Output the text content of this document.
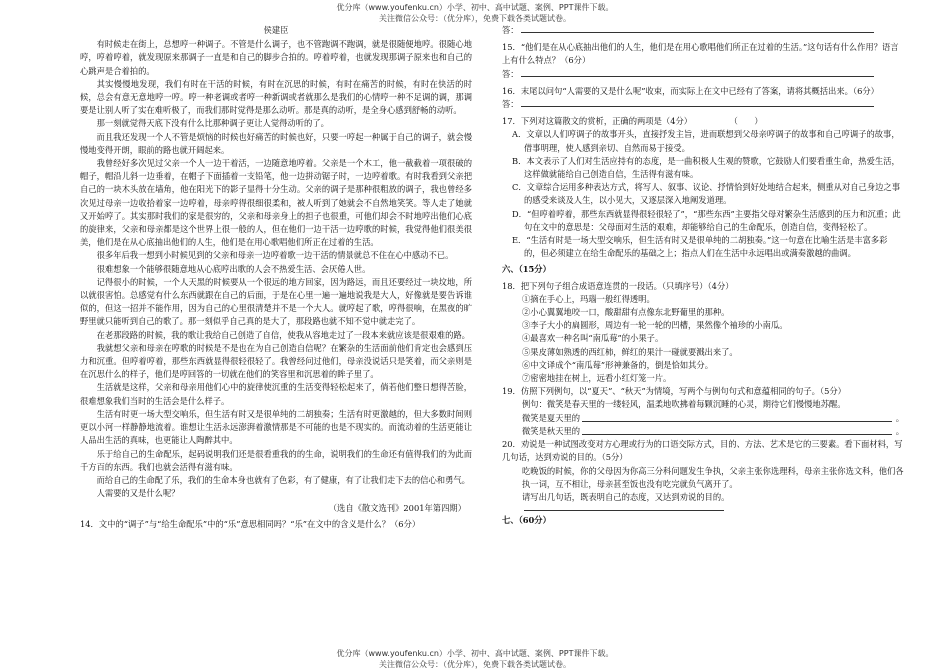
优分库（www.youfenku.cn）小学、初中、高中试题、案例、PPT课件下载。
关注微信公众号：（优分库），免费下载各类试题试卷。
侯建臣
有时候走在街上，总想哼一种调子。不管是什么调子，也不管跑调不跑调，就是很随便地哼。很随心地哼，哼着哼着，就发现原来那调子一直是和自己的脚步合拍的。哼着哼着，也就发现那调子原来也和自己的心跳声是合着拍的。
其实慢慢地发现，我们有时在干活的时候，有时在沉思的时候，有时在痛苦的时候，有时在快活的时候，总会有意无意地哼一哼。哼一种老调或者哼一种新调或者就那么是我们的心情哼一种不足调的调，那调要是让别人听了实在难听极了，而我们那时觉得是那么动听。那是真的动听，是全身心感到舒畅的动听。
那一刻就觉得天底下没有什么比那种调子更让人觉得动听的了。
而且我还发现一个人不管是烦恼的时候也好痛苦的时候也好，只要一哼起一种属于自己的调子，就会慢慢地变得开朗，眼前的路也就开阔起来。
我曾经好多次见过父亲一个人一边干着活，一边随意地哼着。父亲是一个木工，他一截截着一项很破的帽子，帽沿儿斜一边垂着，在帽子下面插着一支铅笔，他一边拼动锯子时，一边哼着歌。有时我看到父亲把自己的一块木头放在墙角，他在阳光下的影子显得十分生动。父亲的调子是那种很粗放的调子，我也曾经多次见过母亲一边收拾着家一边哼着，母亲哼得很细很柔和，被人听到了她就会不自然地笑笑。等人走了她就又开始哼了。其实那时我们的家是很穷的，父亲和母亲身上的担子也很重，可他们却会不时地哼出他们心底的旋律来，父亲和母亲都是这个世界上很一般的人，但在他们一边干活一边哼歌的时候，我觉得他们很美很美，他们是在从心底抽出他们的人生，他们是在用心歌唱他们所正在过着的生活。
很多年后我一想到小时候见到的父亲和母亲一边哼着歌一边干活的情景就总不住在心中感动不已。
很难想象一个能够很随意地从心底哼出歌的人会不热爱生活、会厌倦人世。
记得很小的时候，一个人天黑的时候要从一个很远的地方回家，因为路远，而且还要经过一块坟地，所以就很害怕。总感觉有什么东西就跟在自己的后面，于是在心里一遍一遍地说我是大人，好像就是要告诉谁似的，但这一招并不能作用，因为自己的心里很清楚并不是一个大人。就哼起了歌，哼得很响，在黑夜的旷野里就只能听到自己的歌了。那一刻似乎自己真的是大了，那段路也就不知不觉中就走完了。
在老那段路的时候，我的歌让我给自己创造了自信，使我从容地走过了一段本来就应该是很艰难的路。
我就想父亲和母亲在哼歌的时候是不是也在为自己创造自信呢？在繁杂的生活面前他们肯定也会感到压力和沉重。但哼着哼着，那些东西就显得很轻很轻了。我曾经问过他们，母亲没说话只是笑着，而父亲则是在沉思什么的样子，他们是哼回答的一切就在他们的笑容里和沉思着的眸子里了。
生活就是这样，父亲和母亲用他们心中的旋律使沉重的生活变得轻松起来了，倘若他们整日想得苦脸，很难想象我们当时的生活会是什么样子。
生活有时更一场大型交响乐，但生活有时又是很单纯的二胡独奏；生活有时更激越的，但大多数时间则更以小河一样静静地流着。谁想让生活永远澎湃着激情那是不可能的也是不现实的。而流动着的生活更能让人品出生活的真味，也更能让人陶醉其中。
乐于给自己的生命配乐，起码说明我们还是很看重我的的生命，说明我们的生命还有值得我们的为此而千方百的东西。我们也就会活得有滋有味。
而给自己的生命配了乐，我们的生命本身也就有了色彩，有了健康，有了让我们走下去的信心和勇气。
人需要的又是什么呢？
（选自《散文选刊》2001年第四期）
14．文中的“调子”与“给生命配乐”中的“乐”意思相同吗？“乐”在文中的含义是什么？（6分）
答：
15．“他们是在从心底抽出他们的人生，他们是在用心歌唱他们所正在过着的生活。”这句话有什么作用？语言上有什么特点？（6分）
答：
16．末尾以问句“人需要的又是什么呢”收束，而实际上在文中已经有了答案，请将其概括出来。（6分）
答：
17．下列对这篇散文的赏析，正确的两项是（4分）	（　　）
A．文章以人们哼调子的故事开头，直接抒发主旨，进而联想到父母亲哼调子的故事和自己哼调子的故事，借事明理，使人感到亲切、自然而易于接受。
B．本文表示了人们对生活应持有的态度，是一曲积极人生观的赞歌，它鼓励人们要看重生命，热爱生活，这样做就能给自己创造自信，生活得有滋有味。
C．文章综合运用多种表达方式，将写人、叙事、议论、抒情恰到好处地结合起来，侧重从对自己身边之事的感受来谈及人生，以小见大，又逐层深入地阐发道理。
D．“但哼着哼着，那些东西就显得很轻很轻了”，“那些东西”主要指父母对繁杂生活感到的压力和沉重；此句在文中的意思是：父母面对生活的艰难，却能够给自己的生命配乐，创造自信，变得轻松了。
E．“生活有时是一场大型交响乐，但生活有时又是很单纯的二胡独奏。”这一句意在比喻生活是丰富多彩的，但必须建立在给生命配乐的基础之上；指点人们在生活中永远唱出或满奏激越的曲调。
六、（15分）
18．把下列句子组合成语意连贯的一段话。（只填序号）（4分）
①摘在手心上，玛瑙一般红得透明。
②小心翼翼地咬一口，酸甜甜有点像东北野葡里的那种。
③李子大小的扁圆形，周边有一轮一轮的凹槽，果然像个袖珍的小南瓜。
④最喜欢一种名叫“南瓜莓”的小果子。
⑤果皮薄如熟透的西红柿，鲜红的果汁一碰就要溅出来了。
⑥中文译成个“南瓜莓”形神兼备的，倒是恰如其分。
⑦密密地挂在树上，远看小红灯笼一片。
19．仿照下列例句，以“夏天”、“秋天”为情境，写两个与例句句式和意蕴相同的句子。（5分）
例句：微笑是春天里的一缕轻风，温柔地吹拂着每颗沉睡的心灵，期待它们慢慢地苏醒。
微笑是夏天里的	。
微笑是秋天里的	。
20．劝说是一种试图改变对方心理或行为的口语交际方式，目的、方法、艺术是它的三要素。看下面材料，写几句话，达到劝说的目的。（5分）
吃晚饭的时候，你的父母因为你高三分科问题发生争执，父亲主张你选理科，母亲主张你选文科，他们各执一词，互不相让，母亲甚至饭也没有吃完就负气离开了。
请写出几句话，既表明自己的态度，又达到劝说的目的。
七、（60分）
优分库（www.youfenku.cn）小学、初中、高中试题、案例、PPT课件下载。
关注微信公众号：（优分库），免费下载各类试题试卷。
